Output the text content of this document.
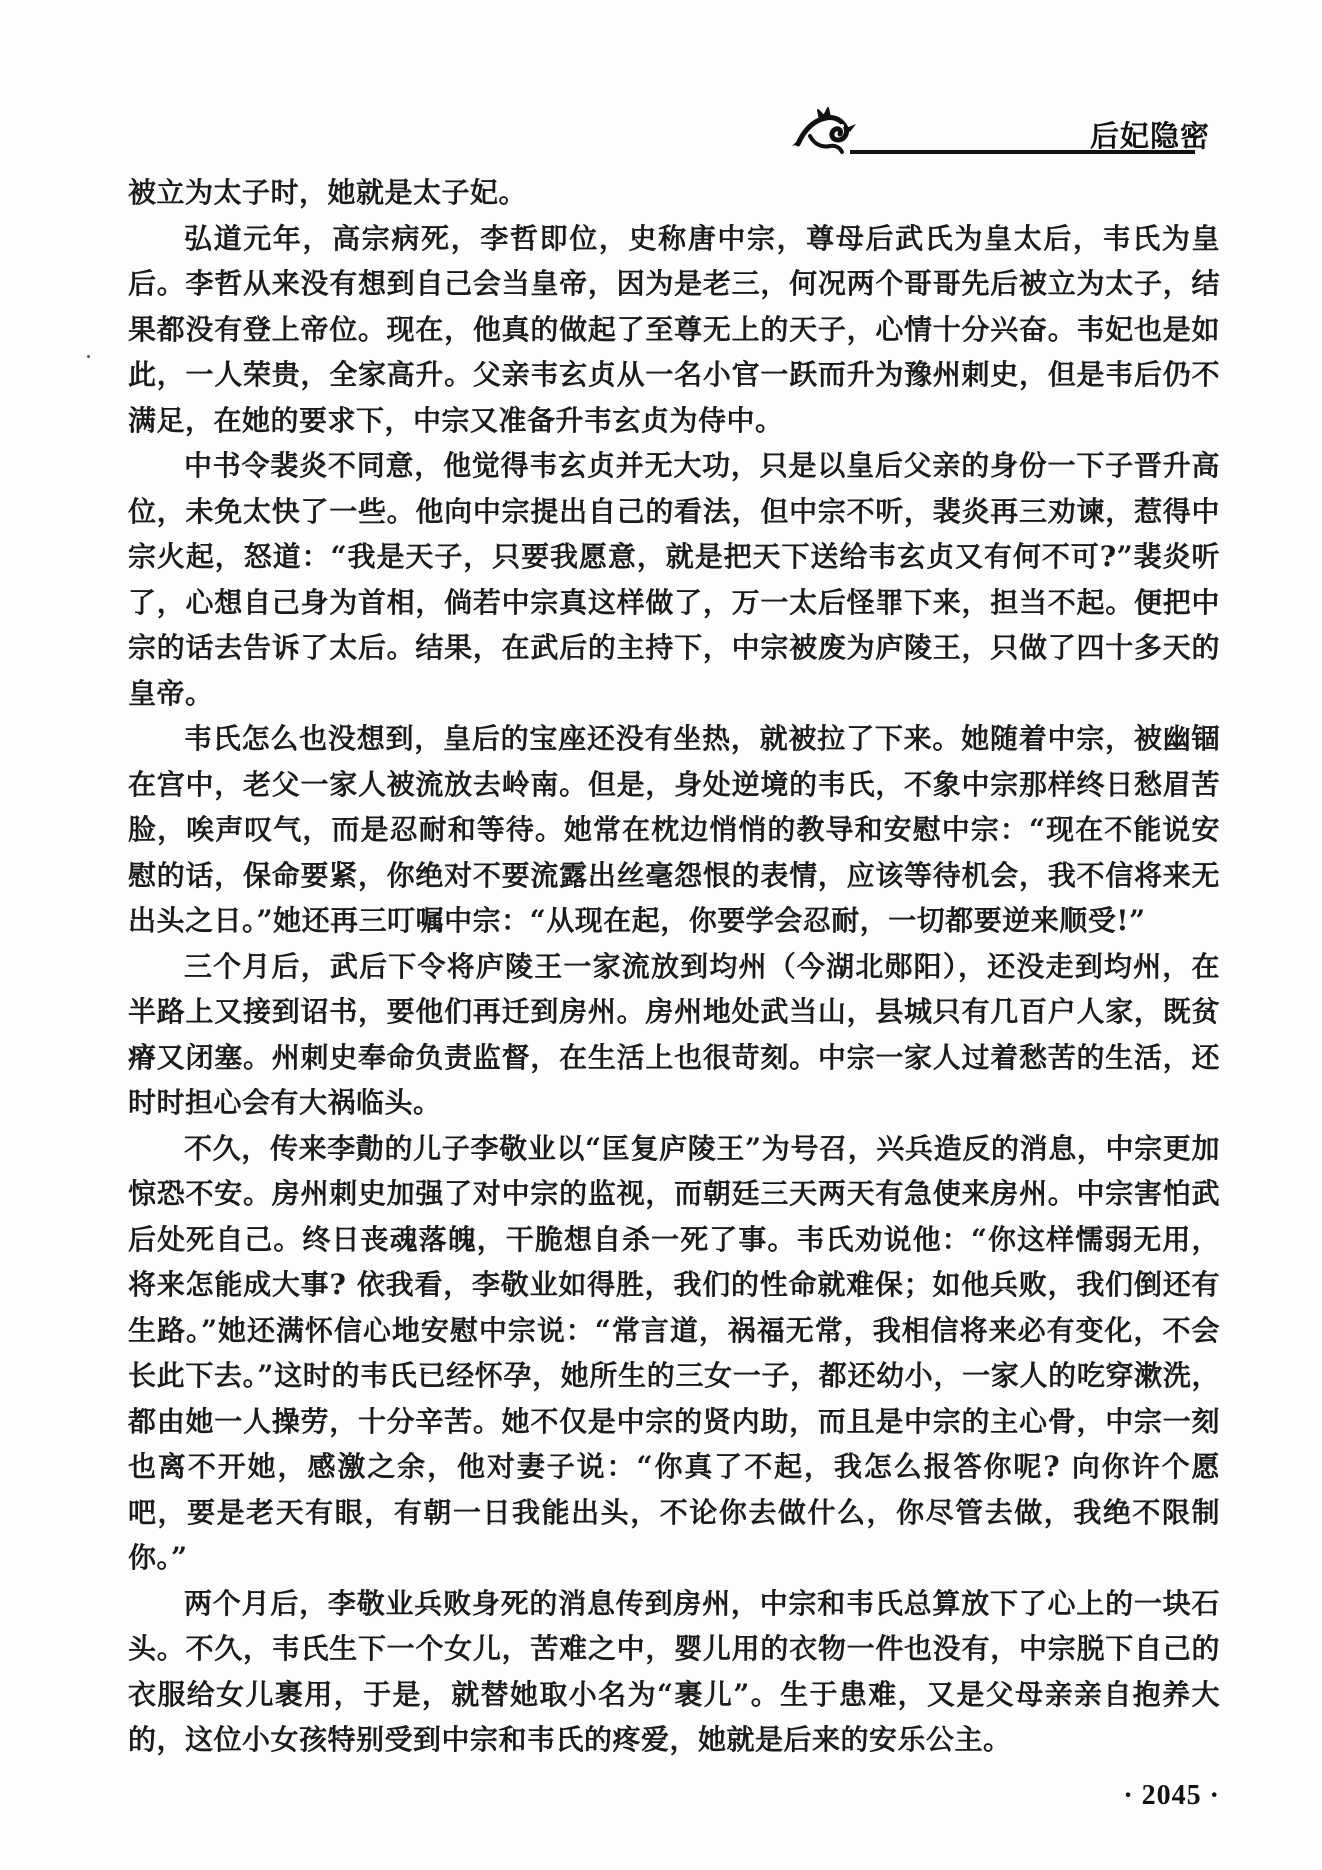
后妃隐密

被立为太子时，她就是太子妃。

弘道元年，高宗病死，李哲即位，史称唐中宗，尊母后武氏为皇太后，韦氏为皇后。李哲从来没有想到自己会当皇帝，因为是老三，何况两个哥哥先后被立为太子，结果都没有登上帝位。现在，他真的做起了至尊无上的天子，心情十分兴奋。韦妃也是如此，一人荣贵，全家高升。父亲韦玄贞从一名小官一跃而升为豫州刺史，但是韦后仍不满足，在她的要求下，中宗又准备升韦玄贞为侍中。

中书令裴炎不同意，他觉得韦玄贞并无大功，只是以皇后父亲的身份一下子晋升高位，未免太快了一些。他向中宗提出自己的看法，但中宗不听，裴炎再三劝谏，惹得中宗火起，怒道：“我是天子，只要我愿意，就是把天下送给韦玄贞又有何不可?”裴炎听了，心想自己身为首相，倘若中宗真这样做了，万一太后怪罪下来，担当不起。便把中宗的话去告诉了太后。结果，在武后的主持下，中宗被废为庐陵王，只做了四十多天的皇帝。

韦氏怎么也没想到，皇后的宝座还没有坐热，就被拉了下来。她随着中宗，被幽锢在宫中，老父一家人被流放去岭南。但是，身处逆境的韦氏，不象中宗那样终日愁眉苦脸，唉声叹气，而是忍耐和等待。她常在枕边悄悄的教导和安慰中宗：“现在不能说安慰的话，保命要紧，你绝对不要流露出丝毫怨恨的表情，应该等待机会，我不信将来无出头之日。”她还再三叮嘱中宗：“从现在起，你要学会忍耐，一切都要逆来顺受!”

三个月后，武后下令将庐陵王一家流放到均州（今湖北郧阳），还没走到均州，在半路上又接到诏书，要他们再迁到房州。房州地处武当山，县城只有几百户人家，既贫瘠又闭塞。州刺史奉命负责监督，在生活上也很苛刻。中宗一家人过着愁苦的生活，还时时担心会有大祸临头。

不久，传来李勣的儿子李敬业以“匡复庐陵王”为号召，兴兵造反的消息，中宗更加惊恐不安。房州刺史加强了对中宗的监视，而朝廷三天两天有急使来房州。中宗害怕武后处死自己。终日丧魂落魄，干脆想自杀一死了事。韦氏劝说他：“你这样懦弱无用，将来怎能成大事? 依我看，李敬业如得胜，我们的性命就难保；如他兵败，我们倒还有生路。”她还满怀信心地安慰中宗说：“常言道，祸福无常，我相信将来必有变化，不会长此下去。”这时的韦氏已经怀孕，她所生的三女一子，都还幼小，一家人的吃穿漱洗，都由她一人操劳，十分辛苦。她不仅是中宗的贤内助，而且是中宗的主心骨，中宗一刻也离不开她，感激之余，他对妻子说：“你真了不起，我怎么报答你呢? 向你许个愿吧，要是老天有眼，有朝一日我能出头，不论你去做什么，你尽管去做，我绝不限制你。”

两个月后，李敬业兵败身死的消息传到房州，中宗和韦氏总算放下了心上的一块石头。不久，韦氏生下一个女儿，苦难之中，婴儿用的衣物一件也没有，中宗脱下自己的衣服给女儿裹用，于是，就替她取小名为“裹儿”。生于患难，又是父母亲亲自抱养大的，这位小女孩特别受到中宗和韦氏的疼爱，她就是后来的安乐公主。

· 2045 ·
